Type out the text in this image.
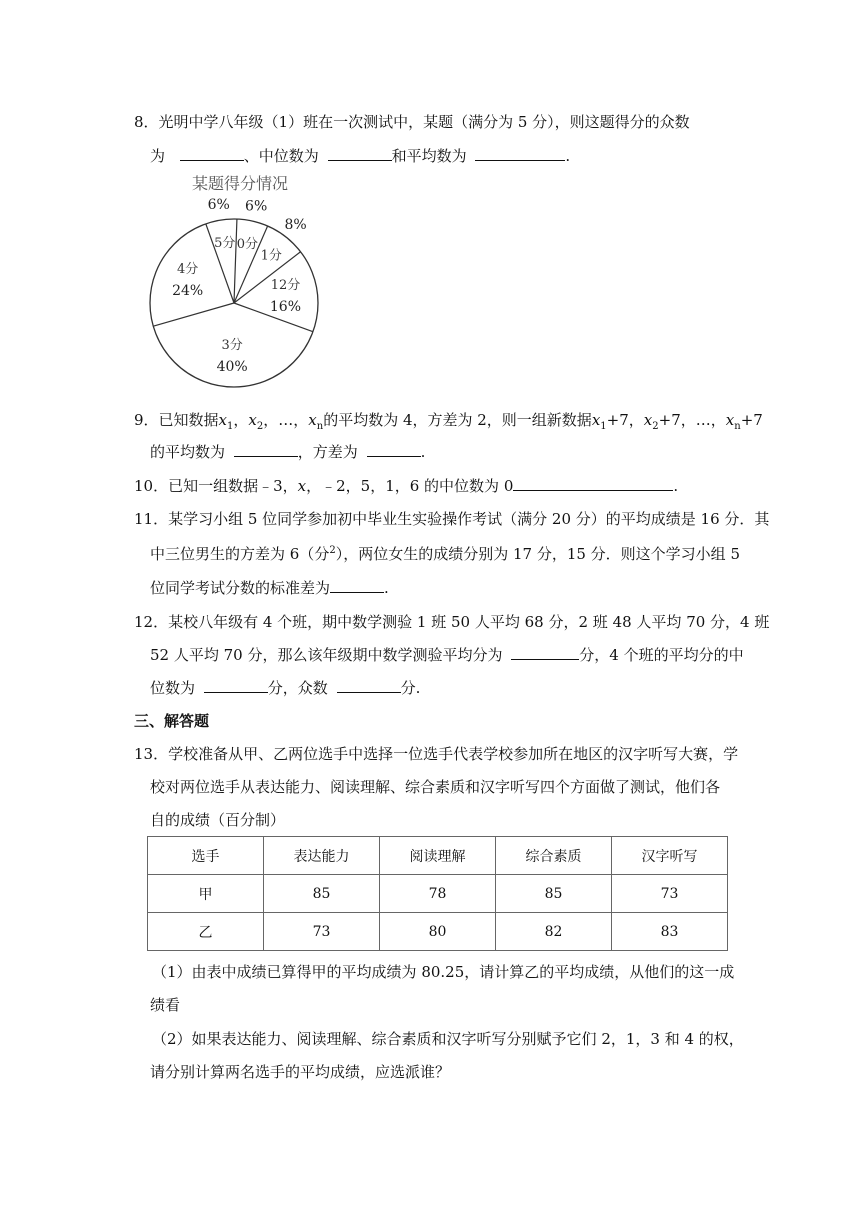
8．光明中学八年级（1）班在一次测试中，某题（满分为 5 分），则这题得分的众数
为	、中位数为	和平均数为	.
某题得分情况
0分
6%
1分
8%
12分
16%
3分
40%
4分
24%
5分
6%
9．已知数据$x_1$，$x_2$，…，$x_n$的平均数为 4，方差为 2，则一组新数据$x_1+7$，$x_2+7$，…，$x_n+7$
的平均数为	，方差为	.
10．已知一组数据﹣3，x，﹣2，5，1，6 的中位数为 0	.
11．某学习小组 5 位同学参加初中毕业生实验操作考试（满分 20 分）的平均成绩是 16 分．其
中三位男生的方差为 6（分$^2$），两位女生的成绩分别为 17 分，15 分．则这个学习小组 5
位同学考试分数的标准差为	.
12．某校八年级有 4 个班，期中数学测验 1 班 50 人平均 68 分，2 班 48 人平均 70 分，4 班
52 人平均 70 分，那么该年级期中数学测验平均分为	分，4 个班的平均分的中
位数为	分，众数	分.
三、解答题
13．学校准备从甲、乙两位选手中选择一位选手代表学校参加所在地区的汉字听写大赛，学
校对两位选手从表达能力、阅读理解、综合素质和汉字听写四个方面做了测试，他们各
自的成绩（百分制）
选手	表达能力	阅读理解	综合素质	汉字听写
甲	85	78	85	73
乙	73	80	82	83
（1）由表中成绩已算得甲的平均成绩为 80.25，请计算乙的平均成绩，从他们的这一成
绩看
（2）如果表达能力、阅读理解、综合素质和汉字听写分别赋予它们 2，1，3 和 4 的权，
请分别计算两名选手的平均成绩，应选派谁？
